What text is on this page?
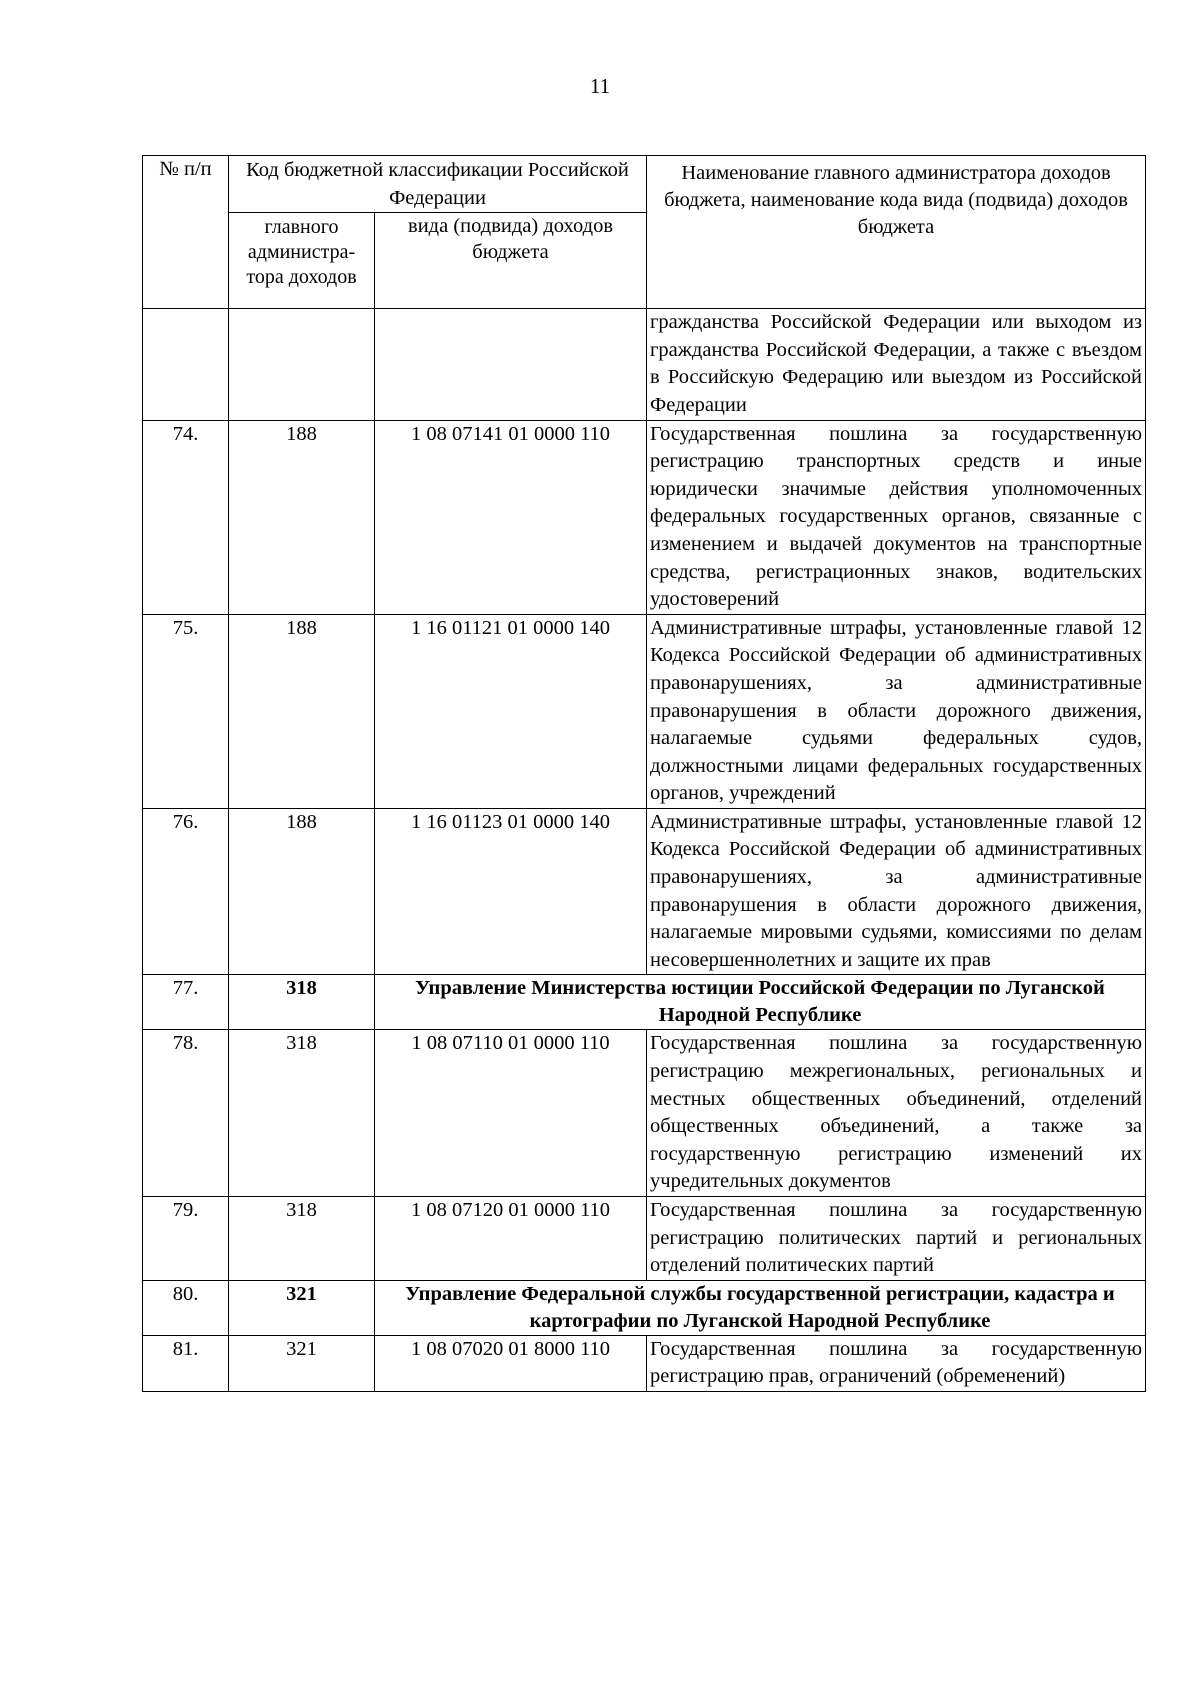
11
№ п/п	Код бюджетной классификации Российской Федерации		Наименование главного администратора доходов бюджета, наименование кода вида (подвида) доходов бюджета
	главного администра-тора доходов	вида (подвида) доходов бюджета	
			гражданства Российской Федерации или выходом из гражданства Российской Федерации, а также с въездом в Российскую Федерацию или выездом из Российской Федерации
74.	188	1 08 07141 01 0000 110	Государственная пошлина за государственную регистрацию транспортных средств и иные юридически значимые действия уполномоченных федеральных государственных органов, связанные с изменением и выдачей документов на транспортные средства, регистрационных знаков, водительских удостоверений
75.	188	1 16 01121 01 0000 140	Административные штрафы, установленные главой 12 Кодекса Российской Федерации об административных правонарушениях, за административные правонарушения в области дорожного движения, налагаемые судьями федеральных судов, должностными лицами федеральных государственных органов, учреждений
76.	188	1 16 01123 01 0000 140	Административные штрафы, установленные главой 12 Кодекса Российской Федерации об административных правонарушениях, за административные правонарушения в области дорожного движения, налагаемые мировыми судьями, комиссиями по делам несовершеннолетних и защите их прав
77.	318	Управление Министерства юстиции Российской Федерации по Луганской Народной Республике	
78.	318	1 08 07110 01 0000 110	Государственная пошлина за государственную регистрацию межрегиональных, региональных и местных общественных объединений, отделений общественных объединений, а также за государственную регистрацию изменений их учредительных документов
79.	318	1 08 07120 01 0000 110	Государственная пошлина за государственную регистрацию политических партий и региональных отделений политических партий
80.	321	Управление Федеральной службы государственной регистрации, кадастра и картографии по Луганской Народной Республике	
81.	321	1 08 07020 01 8000 110	Государственная пошлина за государственную регистрацию прав, ограничений (обременений)
